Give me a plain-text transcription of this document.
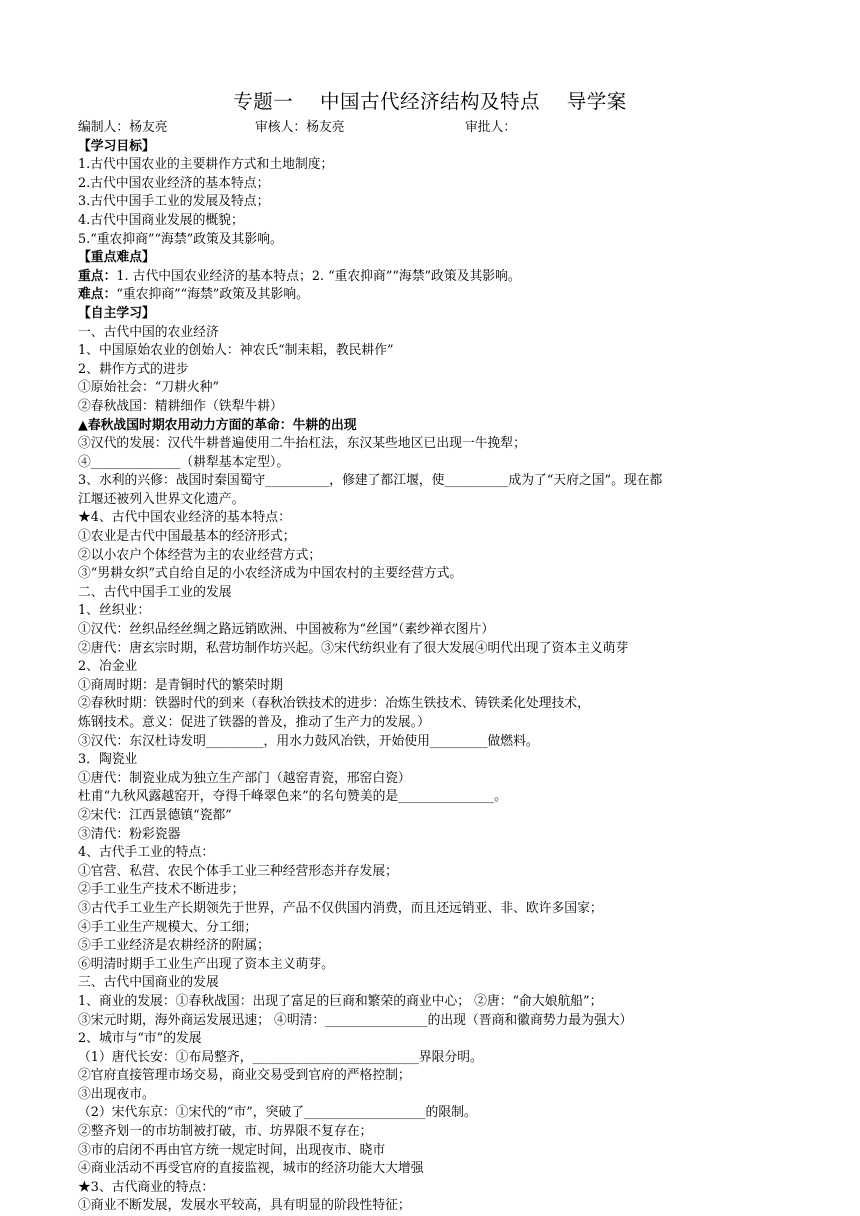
专题一    中国古代经济结构及特点    导学案
编制人：杨友亮	审核人：杨友亮	审批人：
【学习目标】
1.古代中国农业的主要耕作方式和土地制度；
2.古代中国农业经济的基本特点；
3.古代中国手工业的发展及特点；
4.古代中国商业发展的概貌；
5.“重农抑商”“海禁”政策及其影响。
【重点难点】
重点：1. 古代中国农业经济的基本特点；2. “重农抑商”“海禁”政策及其影响。
难点：“重农抑商”“海禁”政策及其影响。
【自主学习】
一、古代中国的农业经济
1、中国原始农业的创始人：神农氏“制耒耜，教民耕作”
2、耕作方式的进步
①原始社会：“刀耕火种”
②春秋战国：精耕细作（铁犁牛耕）
▲春秋战国时期农用动力方面的革命：牛耕的出现
③汉代的发展：汉代牛耕普遍使用二牛抬杠法，东汉某些地区已出现一牛挽犁；
④______________（耕犁基本定型）。
3、水利的兴修：战国时秦国蜀守__________，修建了都江堰，使__________成为了“天府之国”。现在都
江堰还被列入世界文化遗产。
★4、古代中国农业经济的基本特点：
①农业是古代中国最基本的经济形式；
②以小农户个体经营为主的农业经营方式；
③“男耕女织”式自给自足的小农经济成为中国农村的主要经营方式。
二、古代中国手工业的发展
1、丝织业：
①汉代：丝织品经丝绸之路远销欧洲、中国被称为“丝国”（素纱禅衣图片）
②唐代：唐玄宗时期，私营坊制作坊兴起。③宋代纺织业有了很大发展④明代出现了资本主义萌芽
2、冶金业
①商周时期：是青铜时代的繁荣时期
②春秋时期：铁器时代的到来（春秋冶铁技术的进步：冶炼生铁技术、铸铁柔化处理技术，
炼钢技术。意义：促进了铁器的普及，推动了生产力的发展。）
③汉代：东汉杜诗发明_________，用水力鼓风冶铁，开始使用_________做燃料。
3．陶瓷业
①唐代：制瓷业成为独立生产部门（越窑青瓷，邢窑白瓷）
杜甫“九秋风露越窑开，夺得千峰翠色来”的名句赞美的是_______________。
②宋代：江西景德镇“瓷都”
③清代：粉彩瓷器
4、古代手工业的特点：
①官营、私营、农民个体手工业三种经营形态并存发展；
②手工业生产技术不断进步；
③古代手工业生产长期领先于世界，产品不仅供国内消费，而且还远销亚、非、欧许多国家；
④手工业生产规模大、分工细；
⑤手工业经济是农耕经济的附属；
⑥明清时期手工业生产出现了资本主义萌芽。
三、古代中国商业的发展
1、商业的发展：①春秋战国：出现了富足的巨商和繁荣的商业中心； ②唐：“俞大娘航船”；
③宋元时期，海外商运发展迅速； ④明清：________________的出现（晋商和徽商势力最为强大）
2、城市与“市”的发展
（1）唐代长安：①布局整齐，__________________________界限分明。
②官府直接管理市场交易，商业交易受到官府的严格控制；
③出现夜市。
（2）宋代东京：①宋代的“市”，突破了___________________的限制。
②整齐划一的市坊制被打破，市、坊界限不复存在；
③市的启闭不再由官方统一规定时间，出现夜市、晓市
④商业活动不再受官府的直接监视，城市的经济功能大大增强
★3、古代商业的特点：
①商业不断发展，发展水平较高，具有明显的阶段性特征；
